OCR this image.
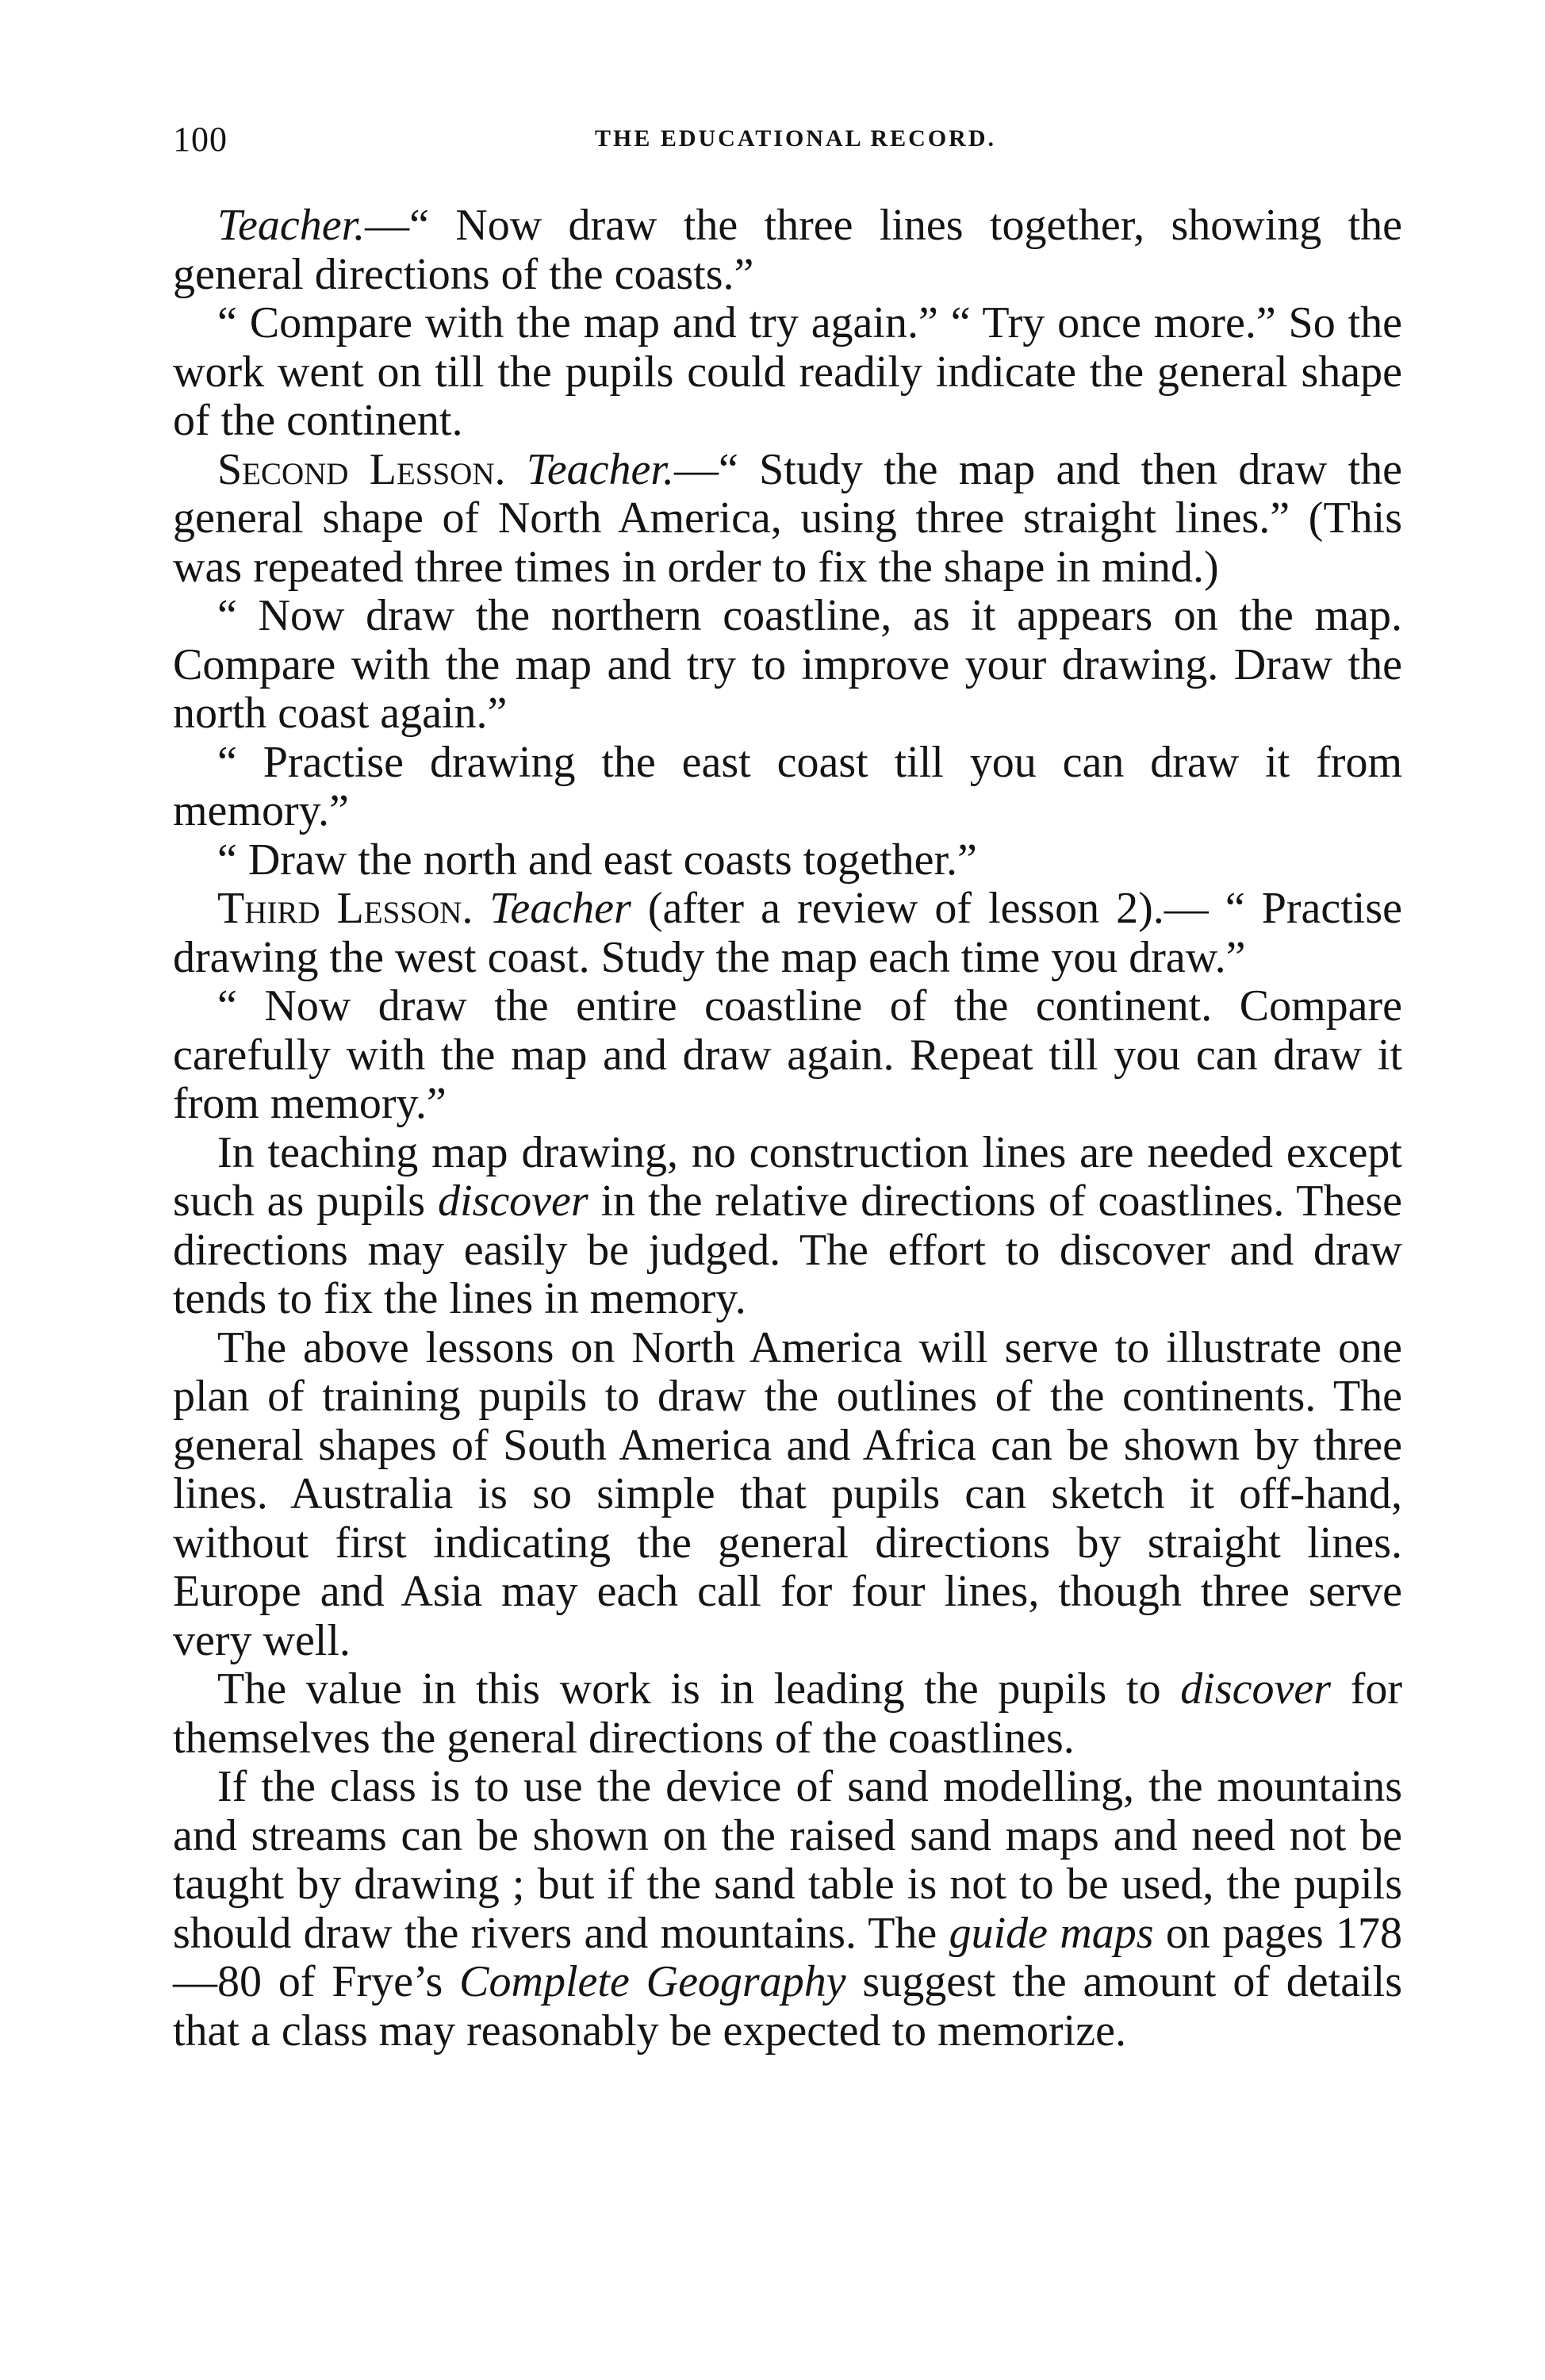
100	THE EDUCATIONAL RECORD.

Teacher.—“ Now draw the three lines together, showing the general directions of the coasts.”

“ Compare with the map and try again.” “ Try once more.” So the work went on till the pupils could readily indicate the general shape of the continent.

Second Lesson. Teacher.—“ Study the map and then draw the general shape of North America, using three straight lines.” (This was repeated three times in order to fix the shape in mind.)

“ Now draw the northern coastline, as it appears on the map. Compare with the map and try to improve your drawing. Draw the north coast again.”

“ Practise drawing the east coast till you can draw it from memory.”

“ Draw the north and east coasts together.”

Third Lesson. Teacher (after a review of lesson 2).— “ Practise drawing the west coast. Study the map each time you draw.”

“ Now draw the entire coastline of the continent. Compare carefully with the map and draw again. Repeat till you can draw it from memory.”

In teaching map drawing, no construction lines are needed except such as pupils discover in the relative directions of coastlines. These directions may easily be judged. The effort to discover and draw tends to fix the lines in memory.

The above lessons on North America will serve to illustrate one plan of training pupils to draw the outlines of the continents. The general shapes of South America and Africa can be shown by three lines. Australia is so simple that pupils can sketch it off-hand, without first indicating the general directions by straight lines. Europe and Asia may each call for four lines, though three serve very well.

The value in this work is in leading the pupils to discover for themselves the general directions of the coastlines.

If the class is to use the device of sand modelling, the mountains and streams can be shown on the raised sand maps and need not be taught by drawing ; but if the sand table is not to be used, the pupils should draw the rivers and mountains. The guide maps on pages 178—80 of Frye’s Complete Geography suggest the amount of details that a class may reasonably be expected to memorize.
